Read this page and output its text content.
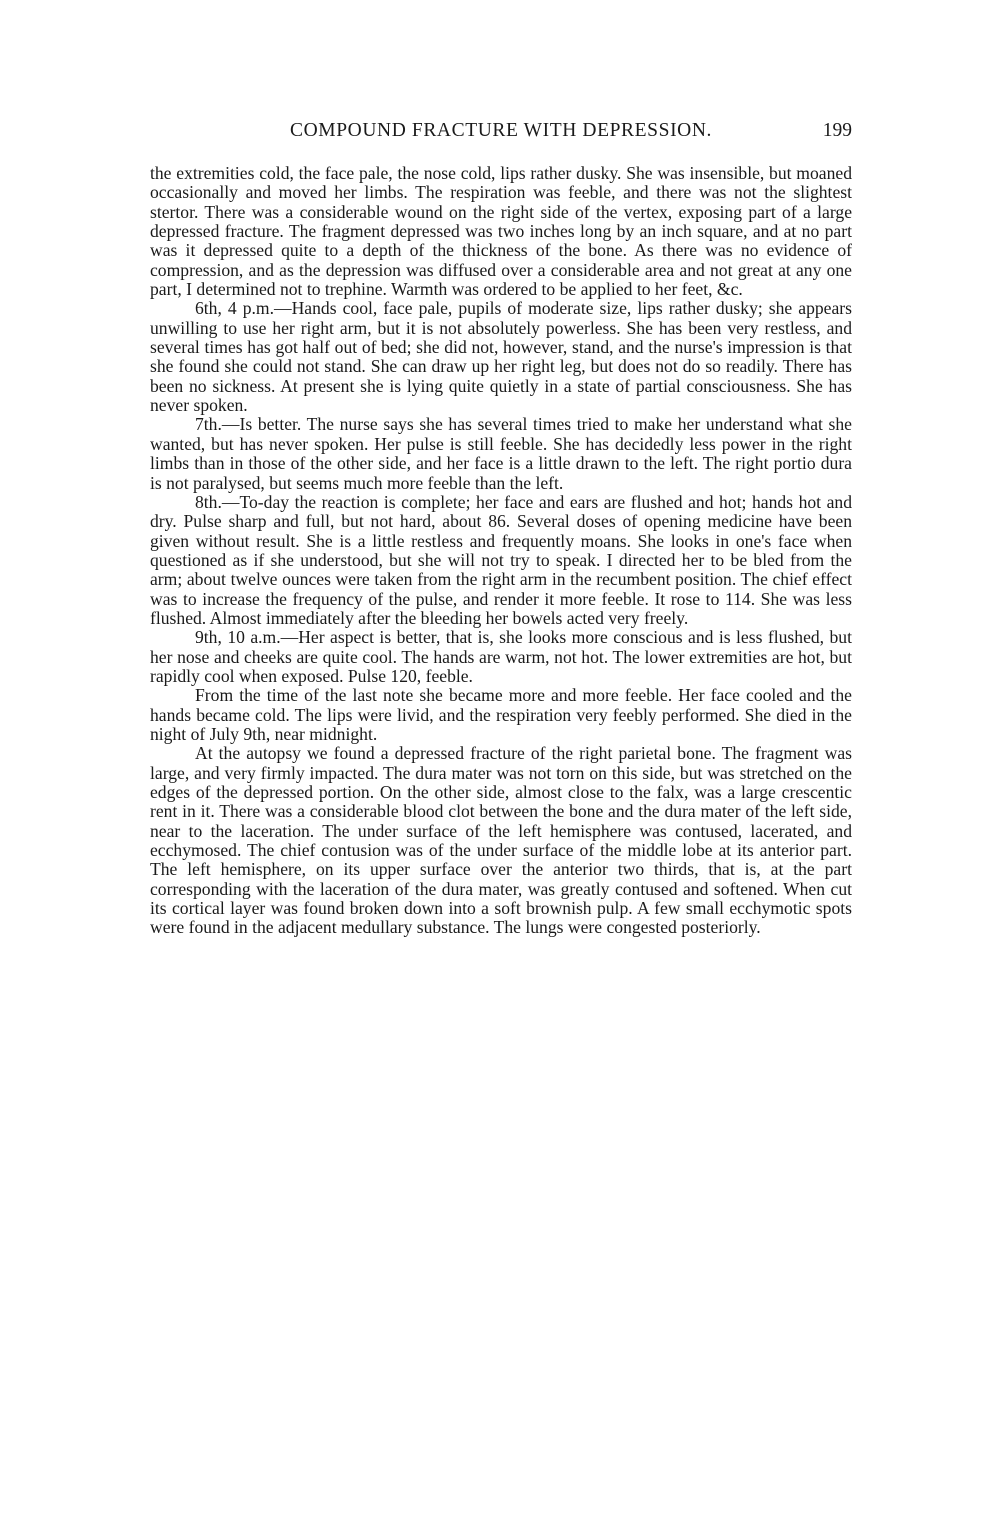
COMPOUND FRACTURE WITH DEPRESSION.	199

the extremities cold, the face pale, the nose cold, lips rather dusky. She was insensible, but moaned occasionally and moved her limbs. The respiration was feeble, and there was not the slightest stertor. There was a considerable wound on the right side of the vertex, exposing part of a large depressed fracture. The fragment depressed was two inches long by an inch square, and at no part was it depressed quite to a depth of the thickness of the bone. As there was no evidence of compression, and as the depression was diffused over a considerable area and not great at any one part, I determined not to trephine. Warmth was ordered to be applied to her feet, &c.

6th, 4 p.m.—Hands cool, face pale, pupils of moderate size, lips rather dusky; she appears unwilling to use her right arm, but it is not absolutely powerless. She has been very restless, and several times has got half out of bed; she did not, however, stand, and the nurse's impression is that she found she could not stand. She can draw up her right leg, but does not do so readily. There has been no sickness. At present she is lying quite quietly in a state of partial consciousness. She has never spoken.

7th.—Is better. The nurse says she has several times tried to make her understand what she wanted, but has never spoken. Her pulse is still feeble. She has decidedly less power in the right limbs than in those of the other side, and her face is a little drawn to the left. The right portio dura is not paralysed, but seems much more feeble than the left.

8th.—To-day the reaction is complete; her face and ears are flushed and hot; hands hot and dry. Pulse sharp and full, but not hard, about 86. Several doses of opening medicine have been given without result. She is a little restless and frequently moans. She looks in one's face when questioned as if she understood, but she will not try to speak. I directed her to be bled from the arm; about twelve ounces were taken from the right arm in the recumbent position. The chief effect was to increase the frequency of the pulse, and render it more feeble. It rose to 114. She was less flushed. Almost immediately after the bleeding her bowels acted very freely.

9th, 10 a.m.—Her aspect is better, that is, she looks more conscious and is less flushed, but her nose and cheeks are quite cool. The hands are warm, not hot. The lower extremities are hot, but rapidly cool when exposed. Pulse 120, feeble.

From the time of the last note she became more and more feeble. Her face cooled and the hands became cold. The lips were livid, and the respiration very feebly performed. She died in the night of July 9th, near midnight.

At the autopsy we found a depressed fracture of the right parietal bone. The fragment was large, and very firmly impacted. The dura mater was not torn on this side, but was stretched on the edges of the depressed portion. On the other side, almost close to the falx, was a large crescentic rent in it. There was a considerable blood clot between the bone and the dura mater of the left side, near to the laceration. The under surface of the left hemisphere was contused, lacerated, and ecchymosed. The chief contusion was of the under surface of the middle lobe at its anterior part. The left hemisphere, on its upper surface over the anterior two thirds, that is, at the part corresponding with the laceration of the dura mater, was greatly contused and softened. When cut its cortical layer was found broken down into a soft brownish pulp. A few small ecchymotic spots were found in the adjacent medullary substance. The lungs were congested posteriorly.
